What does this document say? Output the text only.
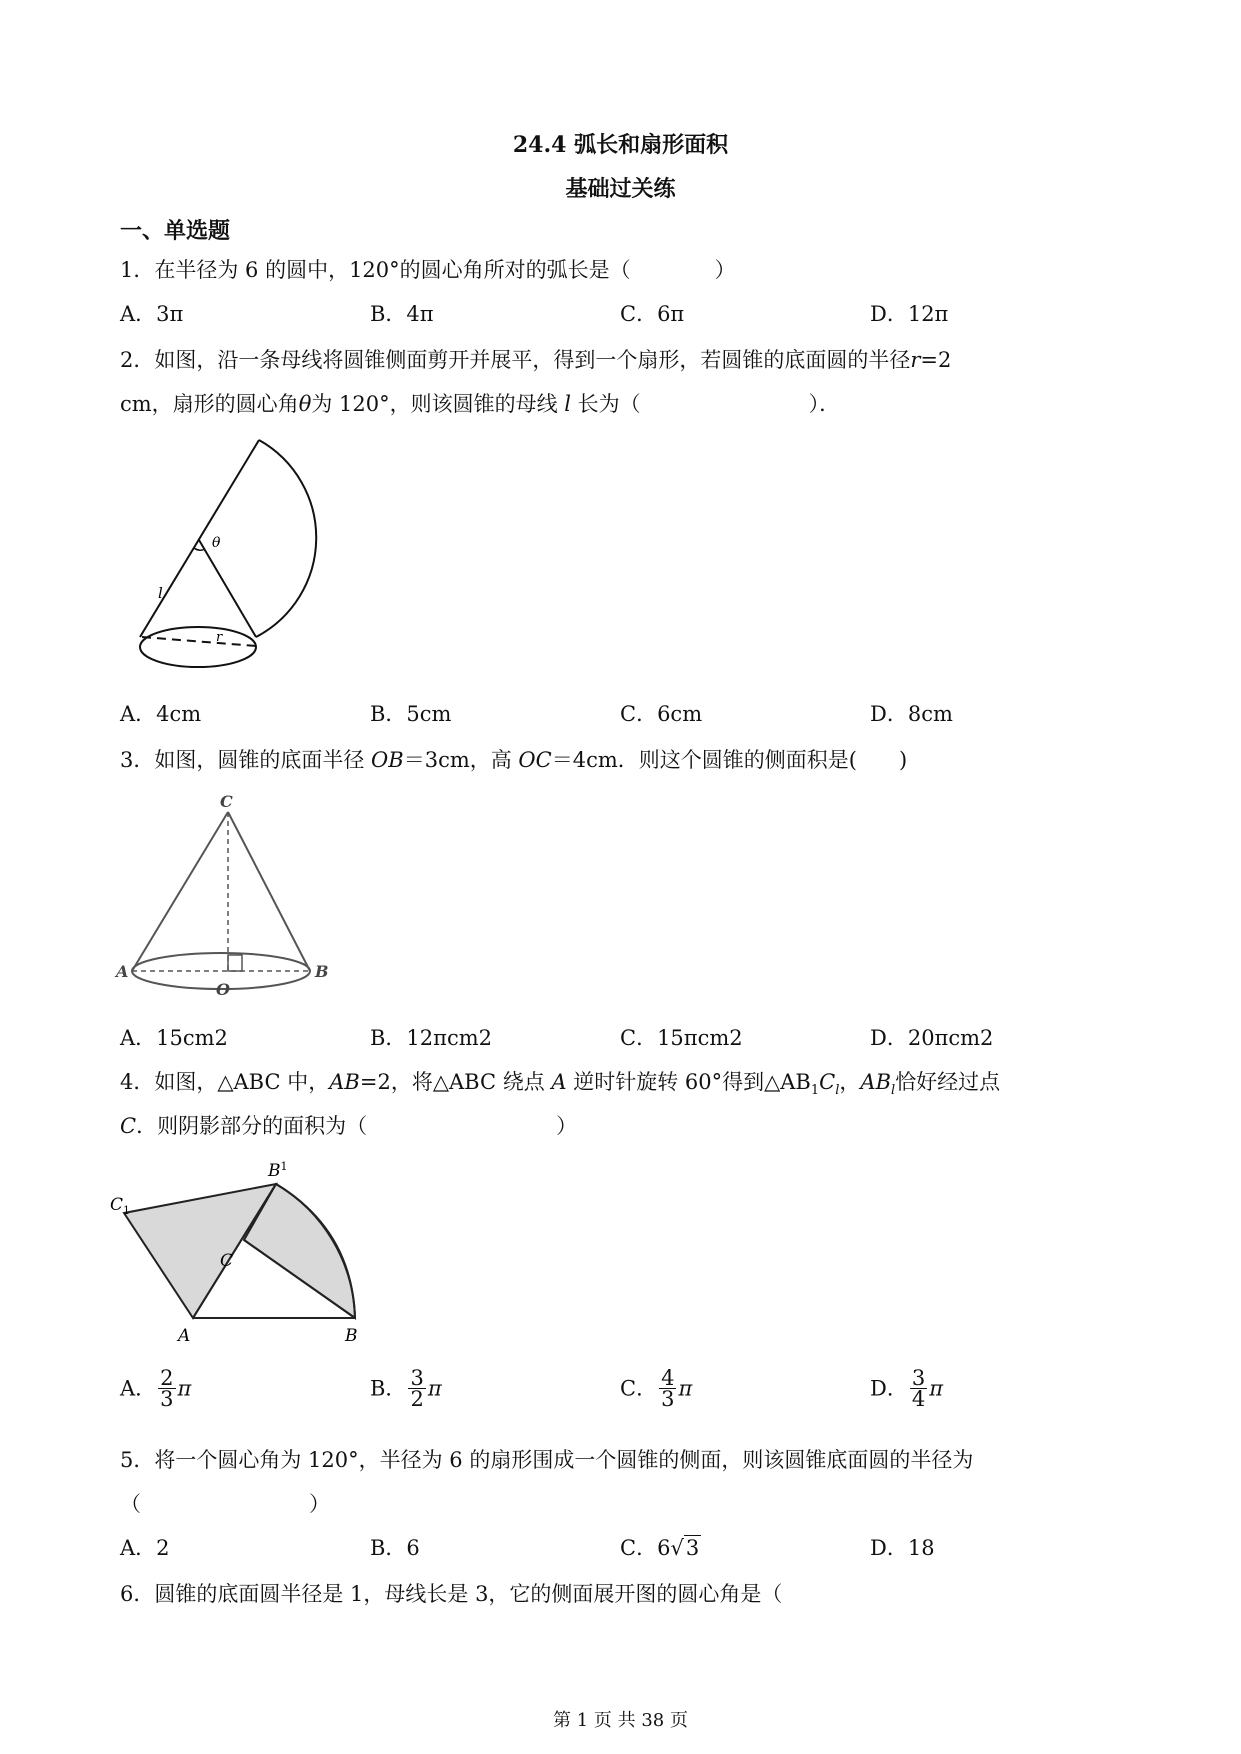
24.4 弧长和扇形面积
基础过关练
一、单选题
1．在半径为 6 的圆中，120°的圆心角所对的弧长是（　　　　）
A．3π	B．4π	C．6π	D．12π
2．如图，沿一条母线将圆锥侧面剪开并展平，得到一个扇形，若圆锥的底面圆的半径r=2
cm，扇形的圆心角θ为 120°，则该圆锥的母线 l 长为（　　　　　　　　）．
θ
l
r
A．4cm	B．5cm	C．6cm	D．8cm
3．如图，圆锥的底面半径 OB＝3cm，高 OC＝4cm．则这个圆锥的侧面积是(　　)
C
A
O
B
A．15cm2	B．12πcm2	C．15πcm2	D．20πcm2
4．如图，△ABC 中，AB=2，将△ABC 绕点 A 逆时针旋转 60°得到$\triangle AB_1C_l$，$AB_l$恰好经过点
C．则阴影部分的面积为（　　　　　　　　　）
$B^1$
$C_1$
C
A	B
A． $\frac{2}{3}$ π	B． $\frac{3}{2}$ π	C． $\frac{4}{3}$ π	D． $\frac{3}{4}$ π
5．将一个圆心角为 120°，半径为 6 的扇形围成一个圆锥的侧面，则该圆锥底面圆的半径为
（　　　　　　　　）
A．2	B．6	C．6√3	D．18
6．圆锥的底面圆半径是 1，母线长是 3，它的侧面展开图的圆心角是（
第 1 页 共 38 页
